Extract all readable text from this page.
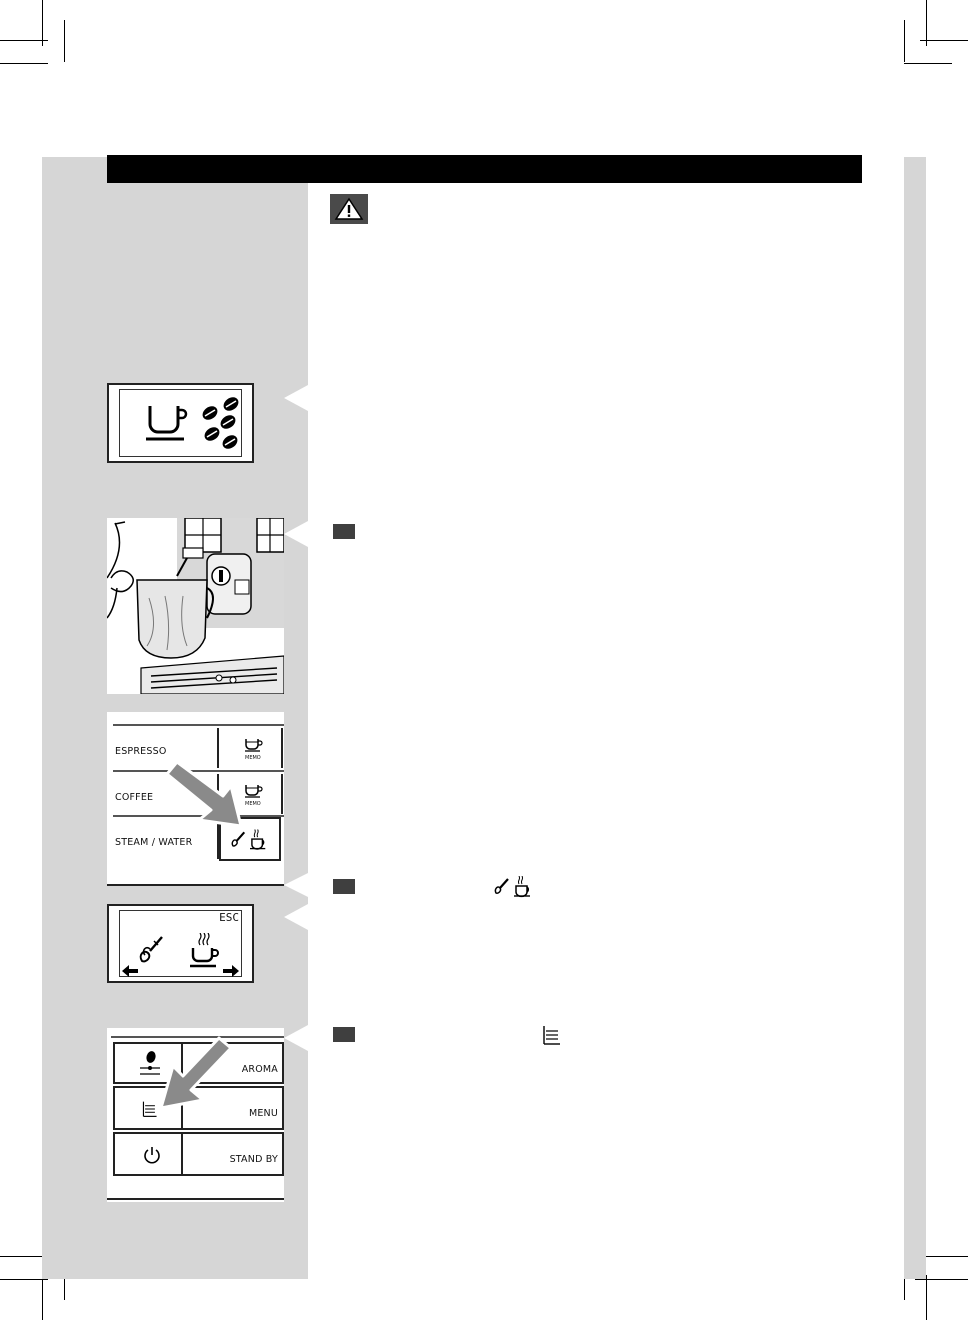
ESPRESSO
MEMO
COFFEE
MEMO
STEAM / WATER
ESC
AROMA
MENU
STAND BY
